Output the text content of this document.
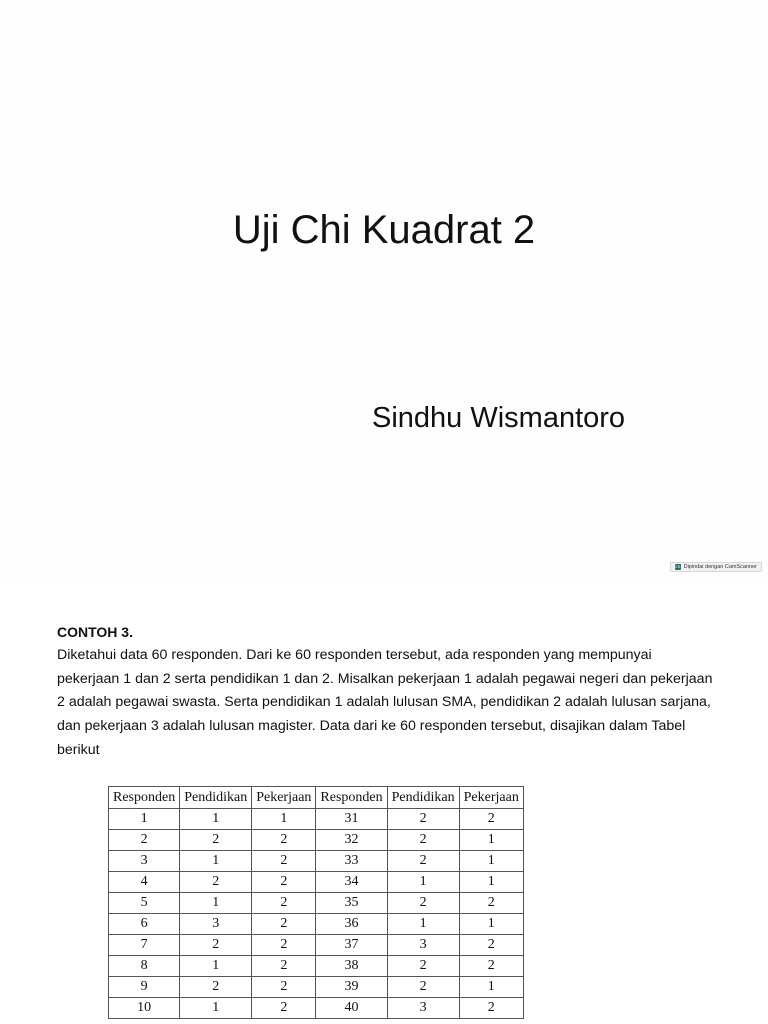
Uji Chi Kuadrat 2
Sindhu Wismantoro
CS Dipindai dengan CamScanner

CONTOH 3.

Diketahui data 60 responden. Dari ke 60 responden tersebut, ada responden yang mempunyai pekerjaan 1 dan 2 serta pendidikan 1 dan 2. Misalkan pekerjaan 1 adalah pegawai negeri dan pekerjaan 2 adalah pegawai swasta. Serta pendidikan 1 adalah lulusan SMA, pendidikan 2 adalah lulusan sarjana, dan pekerjaan 3 adalah lulusan magister. Data dari ke 60 responden tersebut, disajikan dalam Tabel berikut

Responden	Pendidikan	Pekerjaan	Responden	Pendidikan	Pekerjaan
1	1	1	31	2	2
2	2	2	32	2	1
3	1	2	33	2	1
4	2	2	34	1	1
5	1	2	35	2	2
6	3	2	36	1	1
7	2	2	37	3	2
8	1	2	38	2	2
9	2	2	39	2	1
10	1	2	40	3	2
